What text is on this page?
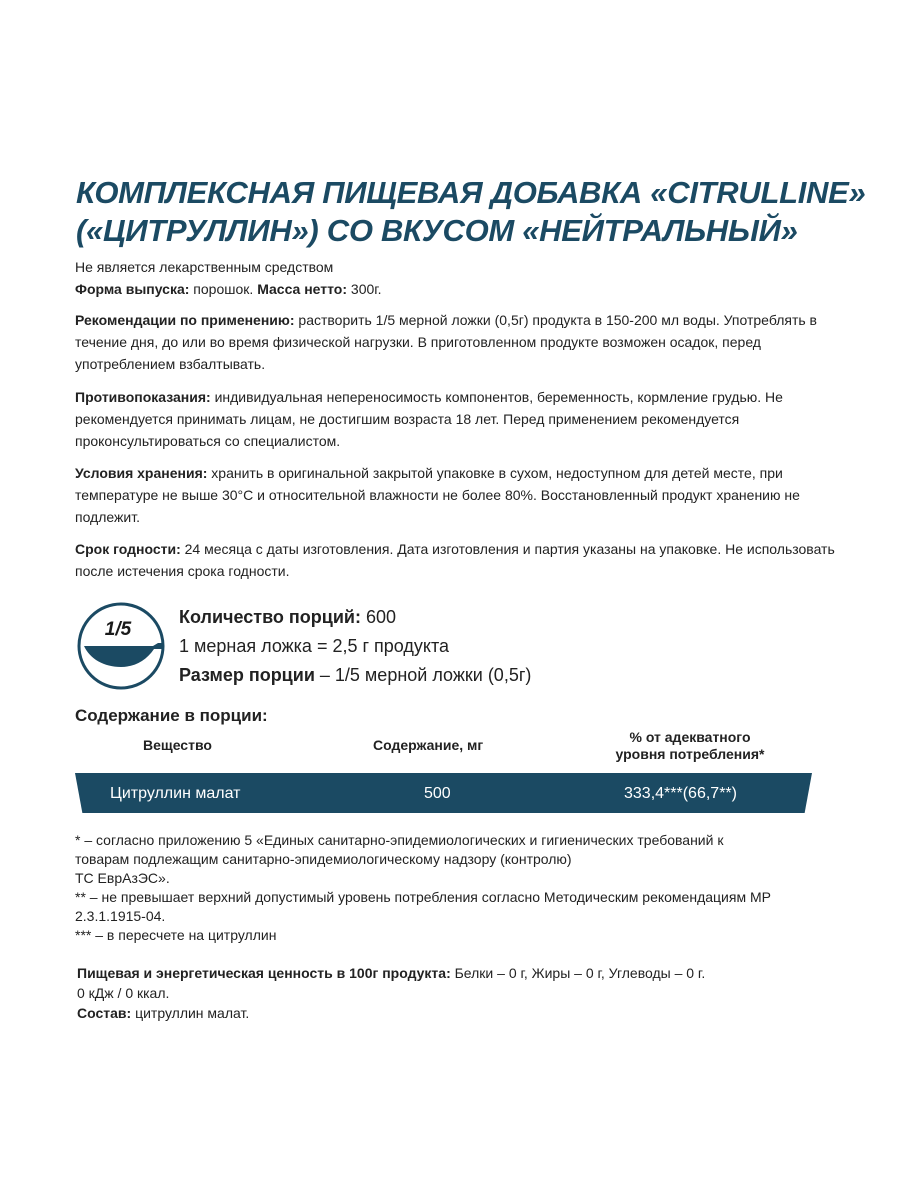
КОМПЛЕКСНАЯ ПИЩЕВАЯ ДОБАВКА «CITRULLINE»
(«ЦИТРУЛЛИН») СО ВКУСОМ «НЕЙТРАЛЬНЫЙ»
Не является лекарственным средством
Форма выпуска: порошок. Масса нетто: 300г.
Рекомендации по применению: растворить 1/5 мерной ложки (0,5г) продукта в 150-200 мл воды. Употреблять в течение дня, до или во время физической нагрузки. В приготовленном продукте возможен осадок, перед употреблением взбалтывать.
Противопоказания: индивидуальная непереносимость компонентов, беременность, кормление грудью. Не рекомендуется принимать лицам, не достигшим возраста 18 лет. Перед применением рекомендуется проконсультироваться со специалистом.
Условия хранения: хранить в оригинальной закрытой упаковке в сухом, недоступном для детей месте, при температуре не выше 30°C и относительной влажности не более 80%. Восстановленный продукт хранению не подлежит.
Срок годности: 24 месяца с даты изготовления. Дата изготовления и партия указаны на упаковке. Не использовать после истечения срока годности.
1/5
Количество порций: 600
1 мерная ложка = 2,5 г продукта
Размер порции – 1/5 мерной ложки (0,5г)
Содержание в порции:
Вещество	Содержание, мг	% от адекватного
уровня потребления*
Цитруллин малат	500	333,4***(66,7**)
* – согласно приложению 5 «Единых санитарно-эпидемиологических и гигиенических требований к
товарам подлежащим санитарно-эпидемиологическому надзору (контролю)
ТС ЕврАзЭС».
** – не превышает верхний допустимый уровень потребления согласно Методическим рекомендациям МР
2.3.1.1915-04.
*** – в пересчете на цитруллин
Пищевая и энергетическая ценность в 100г продукта: Белки – 0 г, Жиры – 0 г, Углеводы – 0 г.
0 кДж / 0 ккал.
Состав: цитруллин малат.
